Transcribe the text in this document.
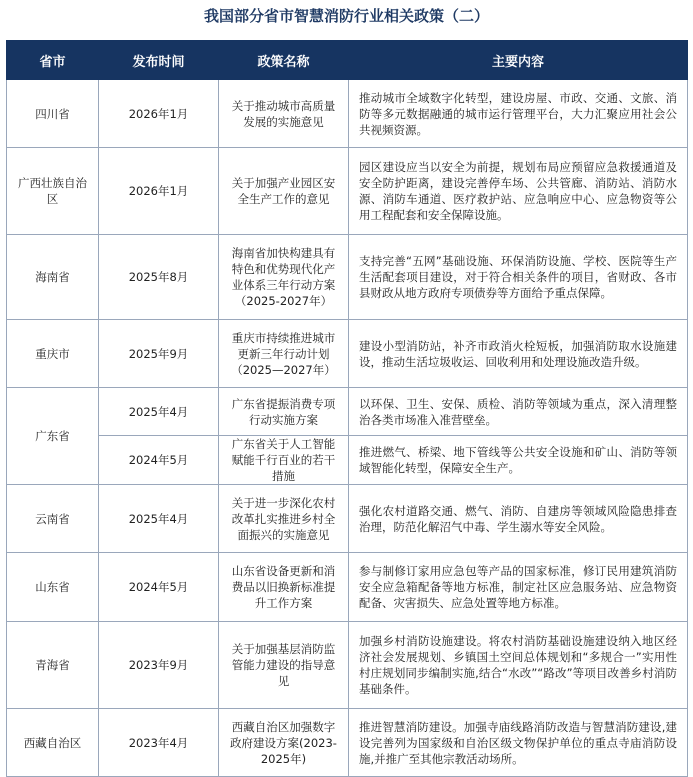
我国部分省市智慧消防行业相关政策（二）
省市	发布时间	政策名称	主要内容
四川省	2026年1月	关于推动城市高质量发展的实施意见	推动城市全域数字化转型，建设房屋、市政、交通、文旅、消防等多元数据融通的城市运行管理平台，大力汇聚应用社会公共视频资源。
广西壮族自治区	2026年1月	关于加强产业园区安全生产工作的意见	园区建设应当以安全为前提，规划布局应预留应急救援通道及安全防护距离，建设完善停车场、公共管廊、消防站、消防水源、消防车通道、医疗救护站、应急响应中心、应急物资等公用工程配套和安全保障设施。
海南省	2025年8月	海南省加快构建具有特色和优势现代化产业体系三年行动方案（2025-2027年）	支持完善“五网”基础设施、环保消防设施、学校、医院等生产生活配套项目建设，对于符合相关条件的项目，省财政、各市县财政从地方政府专项债券等方面给予重点保障。
重庆市	2025年9月	重庆市持续推进城市更新三年行动计划（2025—2027年）	建设小型消防站，补齐市政消火栓短板，加强消防取水设施建设，推动生活垃圾收运、回收利用和处理设施改造升级。
广东省	2025年4月	广东省提振消费专项行动实施方案	以环保、卫生、安保、质检、消防等领域为重点，深入清理整治各类市场准入准营壁垒。
	2024年5月	广东省关于人工智能赋能千行百业的若干措施	推进燃气、桥梁、地下管线等公共安全设施和矿山、消防等领域智能化转型，保障安全生产。
云南省	2025年4月	关于进一步深化农村改革扎实推进乡村全面振兴的实施意见	强化农村道路交通、燃气、消防、自建房等领域风险隐患排查治理，防范化解沼气中毒、学生溺水等安全风险。
山东省	2024年5月	山东省设备更新和消费品以旧换新标准提升工作方案	参与制修订家用应急包等产品的国家标准，修订民用建筑消防安全应急箱配备等地方标准，制定社区应急服务站、应急物资配备、灾害损失、应急处置等地方标准。
青海省	2023年9月	关于加强基层消防监管能力建设的指导意见	加强乡村消防设施建设。将农村消防基础设施建设纳入地区经济社会发展规划、乡镇国土空间总体规划和“多规合一”实用性村庄规划同步编制实施,结合“水改”“路改”等项目改善乡村消防基础条件。
西藏自治区	2023年4月	西藏自治区加强数字政府建设方案(2023- 2025年)	推进智慧消防建设。加强寺庙线路消防改造与智慧消防建设,建设完善列为国家级和自治区级文物保护单位的重点寺庙消防设施,并推广至其他宗教活动场所。
